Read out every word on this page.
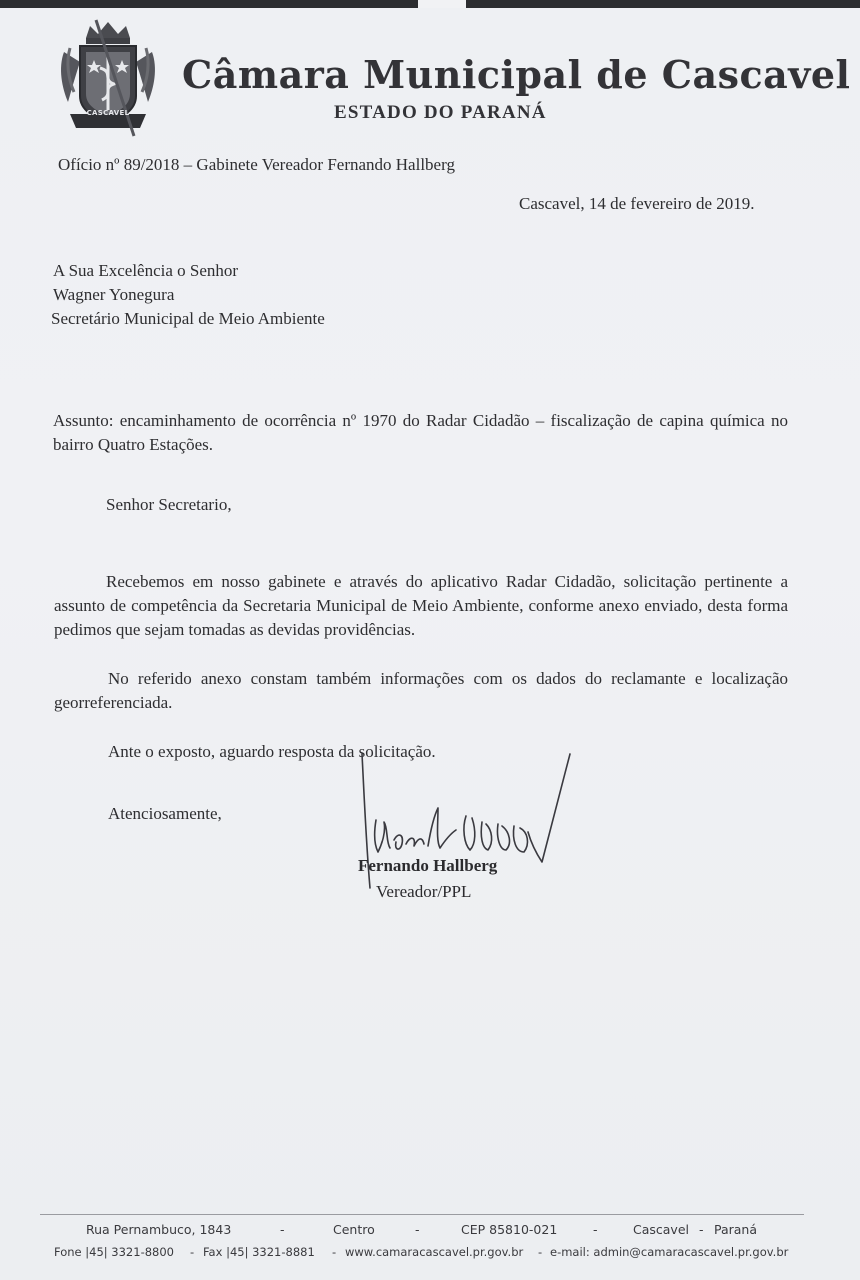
CASCAVEL
Câmara Municipal de Cascavel
ESTADO DO PARANÁ
Ofício nº 89/2018 – Gabinete Vereador Fernando Hallberg
Cascavel, 14 de fevereiro de 2019.
A Sua Excelência o Senhor
Wagner Yonegura
Secretário Municipal de Meio Ambiente
Assunto: encaminhamento de ocorrência nº 1970 do Radar Cidadão – fiscalização de capina química no bairro Quatro Estações.
Senhor Secretario,
Recebemos em nosso gabinete e através do aplicativo Radar Cidadão, solicitação pertinente a assunto de competência da Secretaria Municipal de Meio Ambiente, conforme anexo enviado, desta forma pedimos que sejam tomadas as devidas providências.
No referido anexo constam também informações com os dados do reclamante e localização georreferenciada.
Ante o exposto, aguardo resposta da solicitação.
Atenciosamente,
Fernando Hallberg
Vereador/PPL
Rua Pernambuco, 1843	-	Centro	-	CEP 85810-021	-	Cascavel - Paraná
Fone |45| 3321-8800 - Fax |45| 3321-8881 - www.camaracascavel.pr.gov.br - e-mail: admin@camaracascavel.pr.gov.br
